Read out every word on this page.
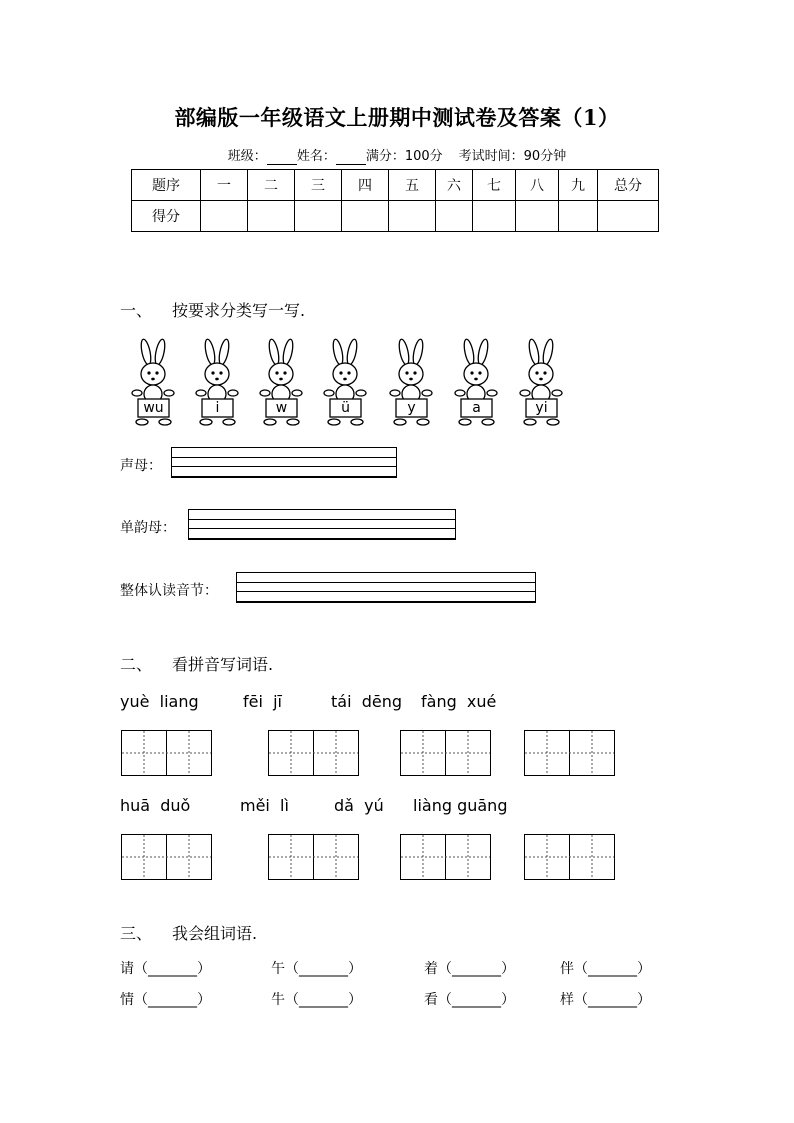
部编版一年级语文上册期中测试卷及答案（1）
班级： 姓名： 满分：100分 考试时间：90分钟
题序	一	二	三	四	五	六	七	八	九	总分
得分										
一、 按要求分类写一写.
wu	i	w	ü	y	a	yi
声母：
单韵母：
整体认读音节：
二、 看拼音写词语.
yuè  liang	fēi  jī	tái  dēng fàng  xué
huā  duǒ	měi  lì	dǎ  yú liàng guāng
三、 我会组词语.
请（_______）	午（_______）	着（_______）	伴（_______）
情（_______）	牛（_______）	看（_______）	样（_______）
